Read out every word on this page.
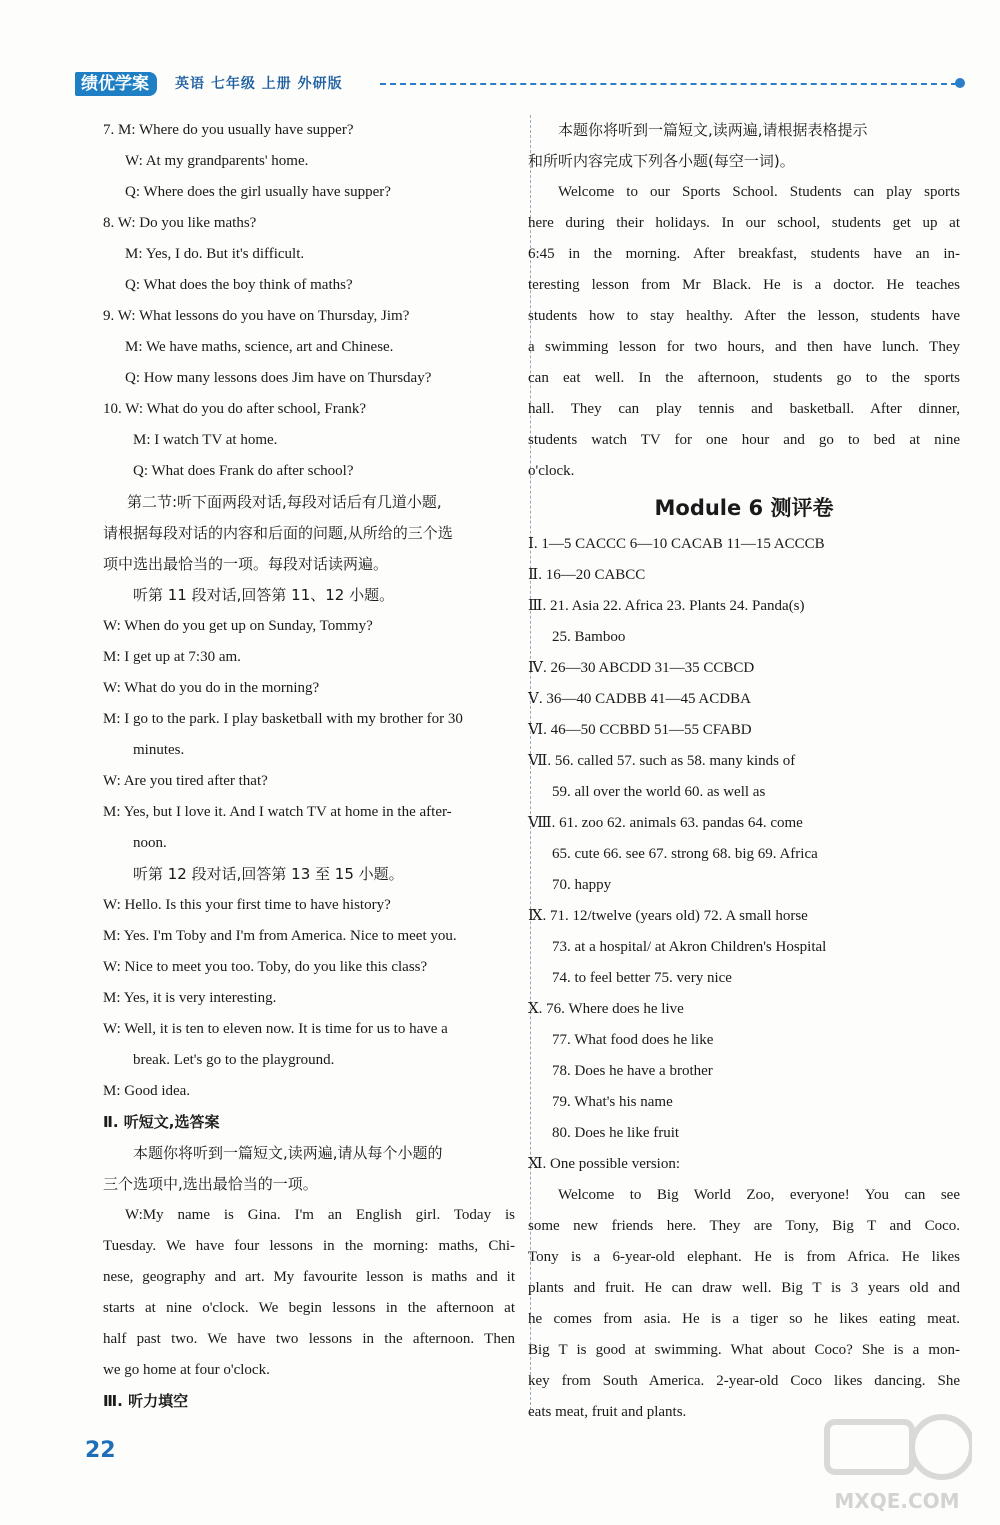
绩优学案	英语 七年级 上册 外研版
7. M: Where do you usually have supper?
W: At my grandparents' home.
Q: Where does the girl usually have supper?
8. W: Do you like maths?
M: Yes, I do. But it's difficult.
Q: What does the boy think of maths?
9. W: What lessons do you have on Thursday, Jim?
M: We have maths, science, art and Chinese.
Q: How many lessons does Jim have on Thursday?
10. W: What do you do after school, Frank?
M: I watch TV at home.
Q: What does Frank do after school?
第二节:听下面两段对话,每段对话后有几道小题,
请根据每段对话的内容和后面的问题,从所给的三个选
项中选出最恰当的一项。每段对话读两遍。
听第 11 段对话,回答第 11、12 小题。
W: When do you get up on Sunday, Tommy?
M: I get up at 7:30 am.
W: What do you do in the morning?
M: I go to the park. I play basketball with my brother for 30
minutes.
W: Are you tired after that?
M: Yes, but I love it. And I watch TV at home in the after-
noon.
听第 12 段对话,回答第 13 至 15 小题。
W: Hello. Is this your first time to have history?
M: Yes. I'm Toby and I'm from America. Nice to meet you.
W: Nice to meet you too. Toby, do you like this class?
M: Yes, it is very interesting.
W: Well, it is ten to eleven now. It is time for us to have a
break. Let's go to the playground.
M: Good idea.
Ⅱ. 听短文,选答案
本题你将听到一篇短文,读两遍,请从每个小题的
三个选项中,选出最恰当的一项。
W:My name is Gina. I'm an English girl. Today is
Tuesday. We have four lessons in the morning: maths, Chi-
nese, geography and art. My favourite lesson is maths and it
starts at nine o'clock. We begin lessons in the afternoon at
half past two. We have two lessons in the afternoon. Then
we go home at four o'clock.
Ⅲ. 听力填空
本题你将听到一篇短文,读两遍,请根据表格提示
和所听内容完成下列各小题(每空一词)。
Welcome to our Sports School. Students can play sports
here during their holidays. In our school, students get up at
6:45 in the morning. After breakfast, students have an in-
teresting lesson from Mr Black. He is a doctor. He teaches
students how to stay healthy. After the lesson, students have
a swimming lesson for two hours, and then have lunch. They
can eat well. In the afternoon, students go to the sports
hall. They can play tennis and basketball. After dinner,
students watch TV for one hour and go to bed at nine
o'clock.
Module 6 测评卷
Ⅰ. 1—5 CACCC 6—10 CACAB 11—15 ACCCB
Ⅱ. 16—20 CABCC
Ⅲ. 21. Asia 22. Africa 23. Plants 24. Panda(s)
25. Bamboo
Ⅳ. 26—30 ABCDD 31—35 CCBCD
Ⅴ. 36—40 CADBB 41—45 ACDBA
Ⅵ. 46—50 CCBBD 51—55 CFABD
Ⅶ. 56. called 57. such as 58. many kinds of
59. all over the world 60. as well as
Ⅷ. 61. zoo 62. animals 63. pandas 64. come
65. cute 66. see 67. strong 68. big 69. Africa
70. happy
Ⅸ. 71. 12/twelve (years old) 72. A small horse
73. at a hospital/ at Akron Children's Hospital
74. to feel better 75. very nice
Ⅹ. 76. Where does he live
77. What food does he like
78. Does he have a brother
79. What's his name
80. Does he like fruit
Ⅺ. One possible version:
Welcome to Big World Zoo, everyone! You can see
some new friends here. They are Tony, Big T and Coco.
Tony is a 6-year-old elephant. He is from Africa. He likes
plants and fruit. He can draw well. Big T is 3 years old and
he comes from asia. He is a tiger so he likes eating meat.
Big T is good at swimming. What about Coco? She is a mon-
key from South America. 2-year-old Coco likes dancing. She
eats meat, fruit and plants.
22
MXQE.COM
